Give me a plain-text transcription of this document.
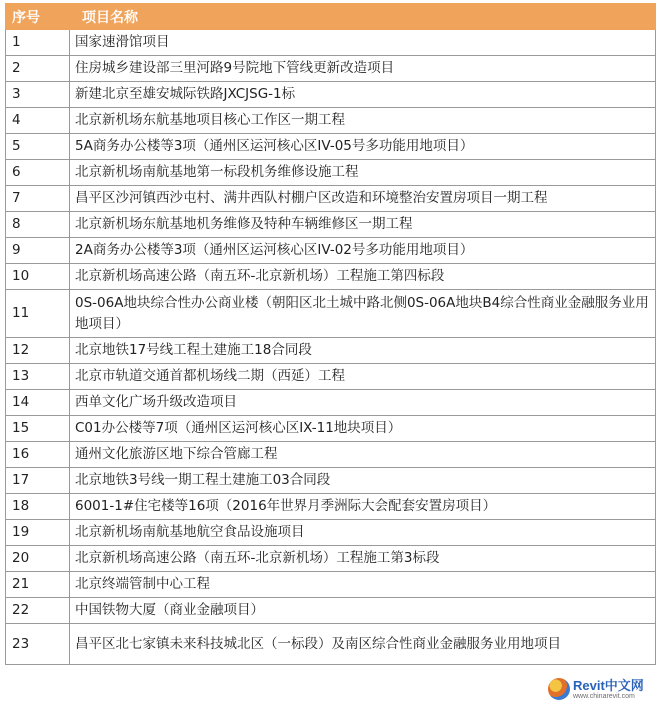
序号	项目名称
1	国家速滑馆项目
2	住房城乡建设部三里河路9号院地下管线更新改造项目
3	新建北京至雄安城际铁路JXCJSG-1标
4	北京新机场东航基地项目核心工作区一期工程
5	5A商务办公楼等3项（通州区运河核心区IV-05号多功能用地项目）
6	北京新机场南航基地第一标段机务维修设施工程
7	昌平区沙河镇西沙屯村、满井西队村棚户区改造和环境整治安置房项目一期工程
8	北京新机场东航基地机务维修及特种车辆维修区一期工程
9	2A商务办公楼等3项（通州区运河核心区IV-02号多功能用地项目）
10	北京新机场高速公路（南五环-北京新机场）工程施工第四标段
11	0S-06A地块综合性办公商业楼（朝阳区北土城中路北侧0S-06A地块B4综合性商业金融服务业用地项目）
12	北京地铁17号线工程土建施工18合同段
13	北京市轨道交通首都机场线二期（西延）工程
14	西单文化广场升级改造项目
15	C01办公楼等7项（通州区运河核心区IX-11地块项目）
16	通州文化旅游区地下综合管廊工程
17	北京地铁3号线一期工程土建施工03合同段
18	6001-1#住宅楼等16项（2016年世界月季洲际大会配套安置房项目）
19	北京新机场南航基地航空食品设施项目
20	北京新机场高速公路（南五环-北京新机场）工程施工第3标段
21	北京终端管制中心工程
22	中国铁物大厦（商业金融项目）
23	昌平区北七家镇未来科技城北区（一标段）及南区综合性商业金融服务业用地项目
Revit中文网
www.chinarevit.com
